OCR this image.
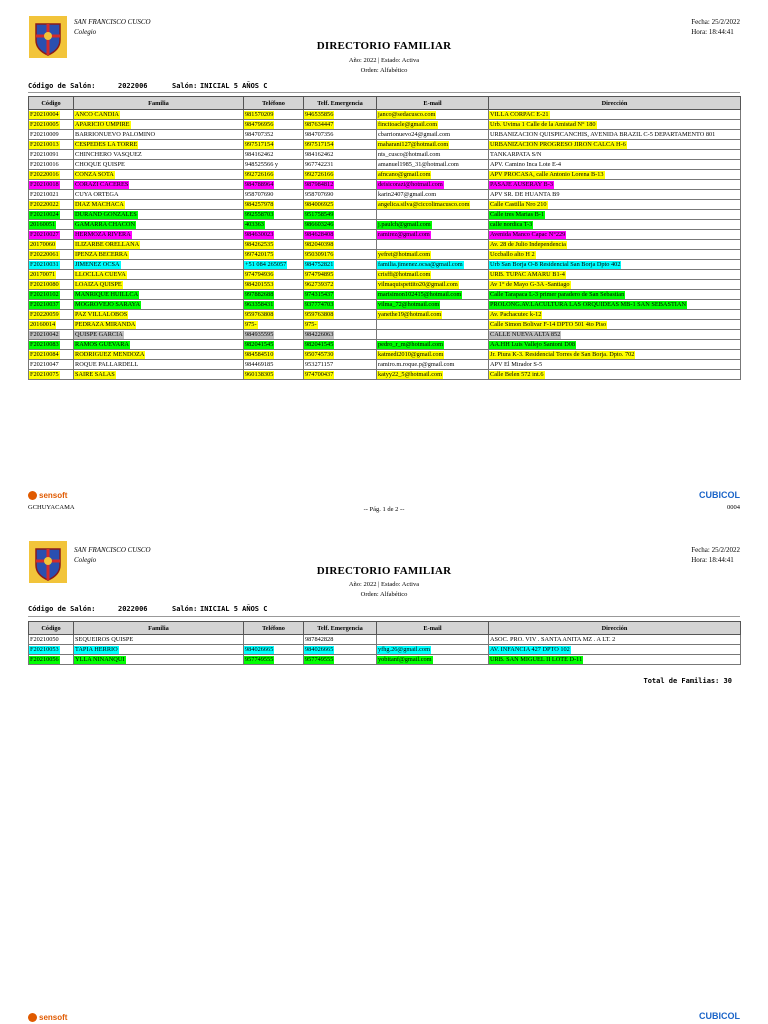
SAN FRANCISCO CUSCO
Colegio
Fecha: 25/2/2022
Hora: 18:44:41
DIRECTORIO FAMILIAR
Año: 2022 | Estado: Activa
Orden: Alfabético
Código de Salón:	2022006	Salón: INICIAL 5 AÑOS C
Código	Familia	Teléfono	Telf. Emergencia	E-mail	Dirección
F20210004	ANCO CANDIA	981570209	946535856	janco@sedacusco.com	VILLA CORPAC E-21
F20210005	APARICIO UMPIRE	984796956	987634447	fincitoacle@gmail.com	Urb. Uvima 1 Calle de la Amistad N° 180
F20210009	BARRIONUEVO PALOMINO	984707352	984707356	cbarrionuevo24@gmail.com	URBANIZACION QUISPICANCHIS, AVENIDA BRAZIL C-5 DEPARTAMENTO 801
F20210013	CESPEDES LA TORRE	997517154	997517154	maharani127@hotmail.com	URBANIZACION PROGRESO JIRON CALCA H-6
F20210091	CHINCHERO VASQUEZ	984162462	984162462	nts_cusco@hotmail.com	TANKARPATA S/N
F20210016	CHOQUE QUISPE	948525566 y	967742231	amanuel1985_31@hotmail.com	APV. Camino Inca Lote E-4
F20220016	CONZA SOTA	992726166	992726166	afncano@gmail.com	APV PROCASA, calle Antonio Lorena B-13
F20210018	CORAZI CACERES	984788964	987984812	deisicorazi@hotmail.com	PASAJE AUSERAY B-3
F20210021	CUYA ORTEGA	958707690	958707690	karin2407@gmail.com	APV SR. DE HUANTA B9
F20220022	DIAZ MACHACA	984257978	984006925	angelica.silva@ciccolimacusco.com	Calle Castilla Nro 210
F20210024	DURAND GONZALES	992558703	951758549		Calle tres Marias B-1
20160051	GAMARRA CHACON	403363	986603246	j.paulch@gmail.com	calle nordica T-3
F20210027	HERMOZA RIVERA	984630023	984628408	ramirez@gmail.com	Avenida Manco Capac N°229
20170060	ILIZARBE ORELLANA	984262535	982040398		Av. 28 de Julio Independencia
F20220061	IPENZA BECERRA	997420175	950309176	yefret@hotmail.com	Uccballo alto H 2
F20210031	JIMENEZ OCSA	+51 084 265057	984752821	familia.jimenez.ocsa@gmail.com	Urb San Borja O-8 Residencial San Borja Dpto 402
20170071	LLOCLLA CUEVA	974794936	974794895	crisffi@hotmail.com	URB. TUPAC AMARU B1-4
F20210080	LOAIZA QUISPE	984201553	962739372	vilmaquispettito20@gmail.com	Av 1° de Mayo G-3A -Santiago
F20210102	MANRIQUE HUILLCA	997882688	974315437	marisimon102415@hotmail.com	Calle Tarapaca L-3 primer paradero de San Sebastian
F20210037	MOGROVEJO SARAYA	963358431	937774703	vilma_72@hotmail.com	PROLONG.AV.LACULTURA LAS ORQUIDEAS MB-1 SAN SEBASTIAN
F20220059	PAZ VILLALOBOS	959763808	959763808	yanethe19@hotmail.com	Av. Pachacutec k-12
20160014	PEDRAZA MIRANDA	975-	975-		Calle Simon Bolivar F-14 DPTO 501 4to Piso
F20210042	QUISPE GARCIA	984935595	984226063		CALLE NUEVA ALTA 852
F20210083	RAMOS GUEVARA	982041545	982041545	pedro_r_m@hotmail.com	AA.HH Luis Vallejo Santoni D08
F20210084	RODRIGUEZ MENDOZA	984584510	950745730	katmedi2010@gmail.com	Jr. Piura K-3. Residencial Torres de San Borja. Dpto. 702
F20210047	ROQUE PALLARDELL	984469185	953271157	ramiro.m.roque.p@gmail.com	APV El Mirador S-5
F20210075	SAIRE SALAS	960138305	974700437	katyy22_5@hotmail.com	Calle Belen 572 int.6
sensoft	CUBICOL
GCHUYACAMA	-- Pág. 1 de 2 --	0004
SAN FRANCISCO CUSCO
Colegio
Fecha: 25/2/2022
Hora: 18:44:41
DIRECTORIO FAMILIAR
Año: 2022 | Estado: Activa
Orden: Alfabético
Código de Salón:	2022006	Salón: INICIAL 5 AÑOS C
Código	Familia	Teléfono	Telf. Emergencia	E-mail	Dirección
F20210050	SEQUEIROS QUISPE		987842828		ASOC. PRO. VIV . SANTA ANITA MZ . A LT. 2
F20210053	TAPIA HERRIO	984026665	984026665	yfhg.26@gmail.com	AV. INFANCIA 427 DPTO 102
F20210056	YLLA NINANQUI	957749555	957749555	yobitanf@gmail.com	URB. SAN MIGUEL II LOTE D-11
Total de Familias: 30
sensoft	CUBICOL
